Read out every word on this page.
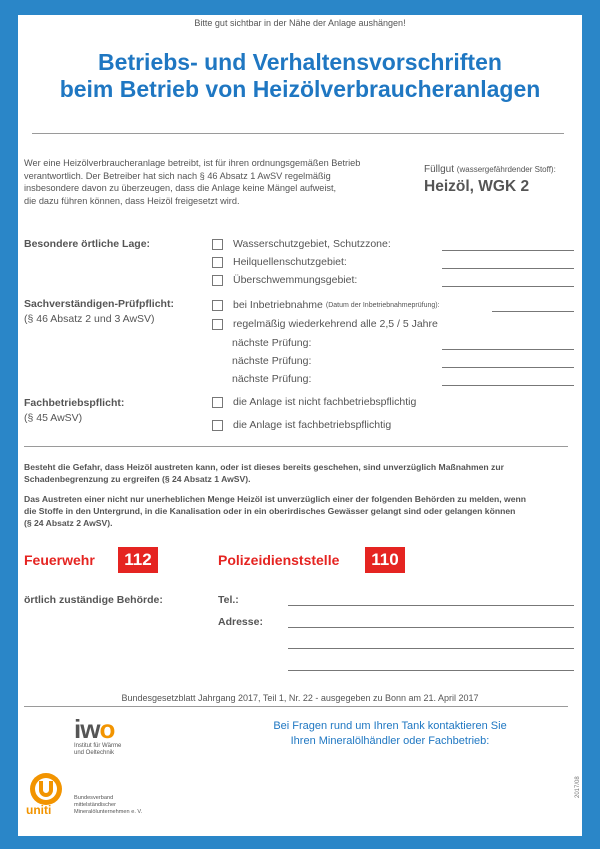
Bitte gut sichtbar in der Nähe der Anlage aushängen!
Betriebs- und Verhaltensvorschriften
beim Betrieb von Heizölverbraucheranlagen
Wer eine Heizölverbraucheranlage betreibt, ist für ihren ordnungsgemäßen Betrieb
verantwortlich. Der Betreiber hat sich nach § 46 Absatz 1 AwSV regelmäßig
insbesondere davon zu überzeugen, dass die Anlage keine Mängel aufweist,
die dazu führen können, dass Heizöl freigesetzt wird.
Füllgut (wassergefährdender Stoff):
Heizöl, WGK 2
Besondere örtliche Lage:	Wasserschutzgebiet, Schutzzone:
Heilquellenschutzgebiet:
Überschwemmungsgebiet:
Sachverständigen-Prüfpflicht:
(§ 46 Absatz 2 und 3 AwSV)
bei Inbetriebnahme (Datum der Inbetriebnahmeprüfung):
regelmäßig wiederkehrend alle 2,5 / 5 Jahre
nächste Prüfung:
nächste Prüfung:
nächste Prüfung:
Fachbetriebspflicht:
(§ 45 AwSV)
die Anlage ist nicht fachbetriebspflichtig
die Anlage ist fachbetriebspflichtig
Besteht die Gefahr, dass Heizöl austreten kann, oder ist dieses bereits geschehen, sind unverzüglich Maßnahmen zur
Schadenbegrenzung zu ergreifen (§ 24 Absatz 1 AwSV).
Das Austreten einer nicht nur unerheblichen Menge Heizöl ist unverzüglich einer der folgenden Behörden zu melden, wenn
die Stoffe in den Untergrund, in die Kanalisation oder in ein oberirdisches Gewässer gelangt sind oder gelangen können
(§ 24 Absatz 2 AwSV).
Feuerwehr	112	Polizeidienststelle	110
örtlich zuständige Behörde:	Tel.:
Adresse:
Bundesgesetzblatt Jahrgang 2017, Teil 1, Nr. 22 - ausgegeben zu Bonn am 21. April 2017
iwo
Institut für Wärme
und Oeltechnik
uniti
Bundesverband
mittelständischer
Mineralölunternehmen e. V.
Bei Fragen rund um Ihren Tank kontaktieren Sie
Ihren Mineralölhändler oder Fachbetrieb:
2017/08
